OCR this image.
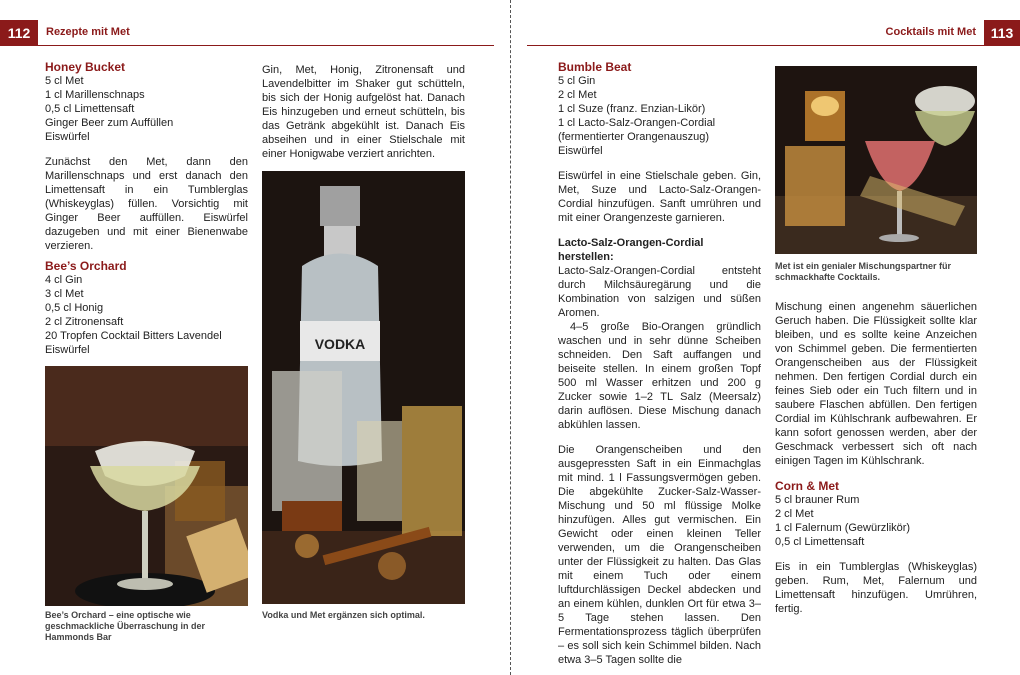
112	Rezepte mit Met

Honey Bucket

5 cl Met

1 cl Marillenschnaps

0,5 cl Limettensaft

Ginger Beer zum Auffüllen

Eiswürfel

Zunächst den Met, dann den Marillenschnaps und erst danach den Limettensaft in ein Tumblerglas (Whiskeyglas) füllen. Vorsichtig mit Ginger Beer auffüllen. Eiswürfel dazugeben und mit einer Bienenwabe verzieren.

Bee’s Orchard

4 cl Gin

3 cl Met

0,5 cl Honig

2 cl Zitronensaft

20 Tropfen Cocktail Bitters Lavendel

Eiswürfel

Bee’s Orchard – eine optische wie geschmackliche Überraschung in der Hammonds Bar

Gin, Met, Honig, Zitronensaft und Lavendelbitter im Shaker gut schütteln, bis sich der Honig aufgelöst hat. Danach Eis hinzugeben und erneut schütteln, bis das Getränk abgekühlt ist. Danach Eis abseihen und in einer Stielschale mit einer Honigwabe verziert anrichten.

VODKA
Vodka und Met ergänzen sich optimal.
Cocktails mit Met	113

Bumble Beat

5 cl Gin

2 cl Met

1 cl Suze (franz. Enzian-Likör)

1 cl Lacto-Salz-Orangen-Cordial (fermentierter Orangenauszug)

Eiswürfel

Eiswürfel in eine Stielschale geben. Gin, Met, Suze und Lacto-Salz-Orangen-Cordial hinzufügen. Sanft umrühren und mit einer Orangenzeste garnieren.

Lacto-Salz-Orangen-Cordial herstellen:

Lacto-Salz-Orangen-Cordial entsteht durch Milchsäuregärung und die Kombination von salzigen und süßen Aromen.

4–5 große Bio-Orangen gründlich waschen und in sehr dünne Scheiben schneiden. Den Saft auffangen und beiseite stellen. In einem großen Topf 500 ml Wasser erhitzen und 200 g Zucker sowie 1–2 TL Salz (Meersalz) darin auflösen. Diese Mischung danach abkühlen lassen.

Die Orangenscheiben und den ausgepressten Saft in ein Einmachglas mit mind. 1 l Fassungsvermögen geben. Die abgekühlte Zucker-Salz-Wasser-Mischung und 50 ml flüssige Molke hinzufügen. Alles gut vermischen. Ein Gewicht oder einen kleinen Teller verwenden, um die Orangenscheiben unter der Flüssigkeit zu halten. Das Glas mit einem Tuch oder einem luftdurchlässigen Deckel abdecken und an einem kühlen, dunklen Ort für etwa 3–5 Tage stehen lassen. Den Fermentationsprozess täglich überprüfen – es soll sich kein Schimmel bilden. Nach etwa 3–5 Tagen sollte die

Met ist ein genialer Mischungspartner für schmackhafte Cocktails.

Mischung einen angenehm säuerlichen Geruch haben. Die Flüssigkeit sollte klar bleiben, und es sollte keine Anzeichen von Schimmel geben. Die fermentierten Orangenscheiben aus der Flüssigkeit nehmen. Den fertigen Cordial durch ein feines Sieb oder ein Tuch filtern und in saubere Flaschen abfüllen. Den fertigen Cordial im Kühlschrank aufbewahren. Er kann sofort genossen werden, aber der Geschmack verbessert sich oft nach einigen Tagen im Kühlschrank.

Corn & Met

5 cl brauner Rum

2 cl Met

1 cl Falernum (Gewürzlikör)

0,5 cl Limettensaft

Eis in ein Tumblerglas (Whiskeyglas) geben. Rum, Met, Falernum und Limettensaft hinzufügen. Umrühren, fertig.
